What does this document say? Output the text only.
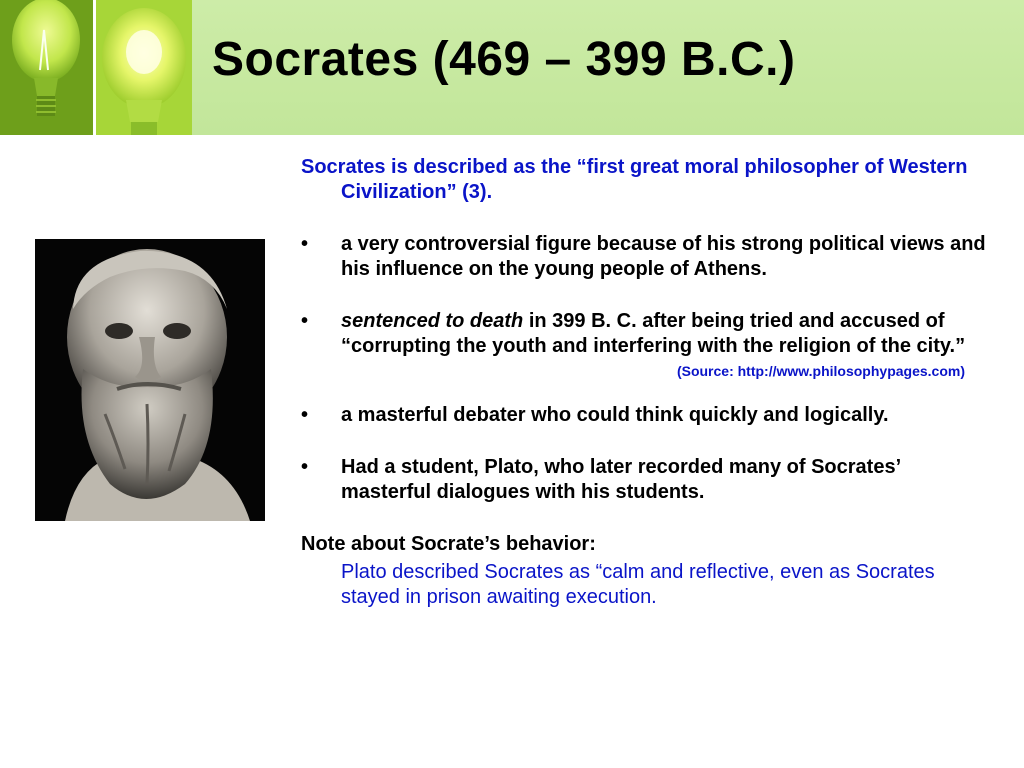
Socrates (469 – 399 B.C.)
Socrates is described as the “first great moral philosopher of Western Civilization” (3).
• a very controversial figure because of his strong political views and his influence on the young people of Athens.
• sentenced to death in 399 B. C. after being tried and accused of “corrupting the youth and interfering with the religion of the city.”
(Source: http://www.philosophypages.com)
• a masterful debater who could think quickly and logically.
• Had a student, Plato, who later recorded many of Socrates’ masterful dialogues with his students.
Note about Socrate’s behavior:
Plato described Socrates as “calm and reflective, even as Socrates stayed in prison awaiting execution.
